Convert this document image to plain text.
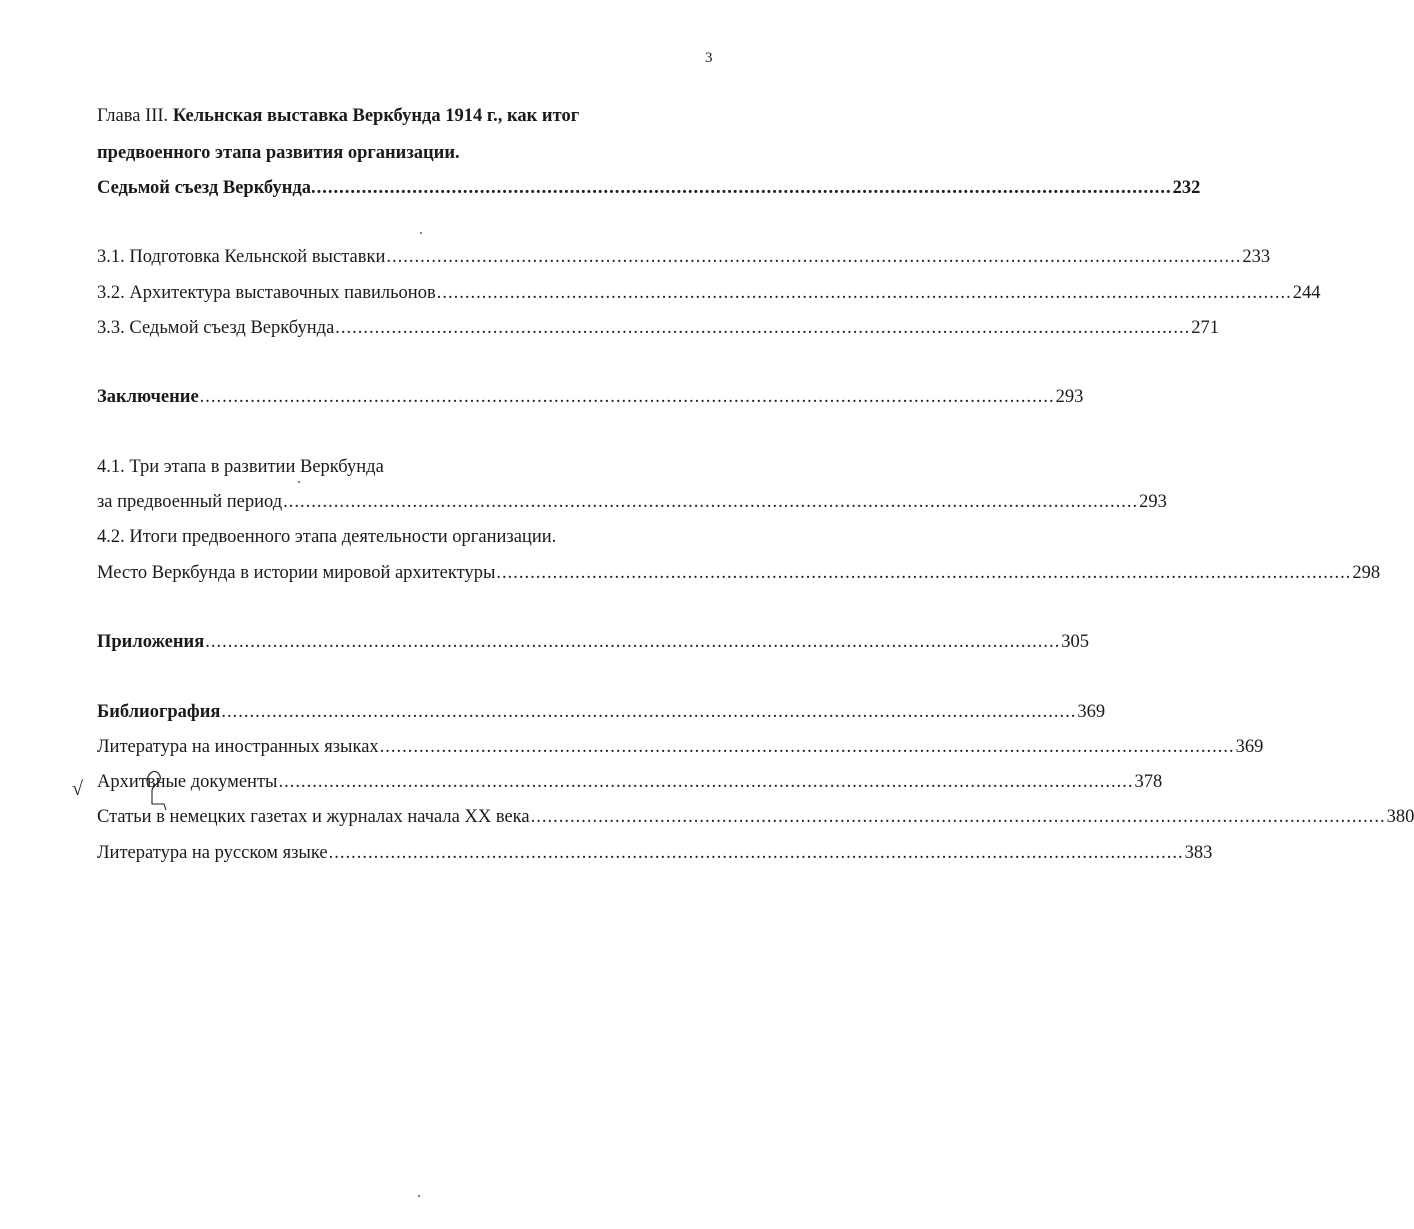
3
Глава III. Кельнская выставка Веркбунда 1914 г., как итог
предвоенного этапа развития организации.
Седьмой съезд Веркбунда. ........................................................................................................................................................ 232
3.1. Подготовка Кельнской выставки ........................................................................................................................................................ 233
3.2. Архитектура выставочных павильонов ........................................................................................................................................................ 244
3.3. Седьмой съезд Веркбунда ........................................................................................................................................................ 271
Заключение ........................................................................................................................................................ 293
4.1. Три этапа в развитии Веркбунда
за предвоенный период ........................................................................................................................................................ 293
4.2. Итоги предвоенного этапа деятельности организации.
Место Веркбунда в истории мировой архитектуры ........................................................................................................................................................ 298
Приложения ........................................................................................................................................................ 305
Библиография ........................................................................................................................................................ 369
Литература на иностранных языках ........................................................................................................................................................ 369
Архитвные документы ........................................................................................................................................................ 378
Статьи в немецких газетах и журналах начала XX века ........................................................................................................................................................ 380
Литература на русском языке ........................................................................................................................................................ 383
√
